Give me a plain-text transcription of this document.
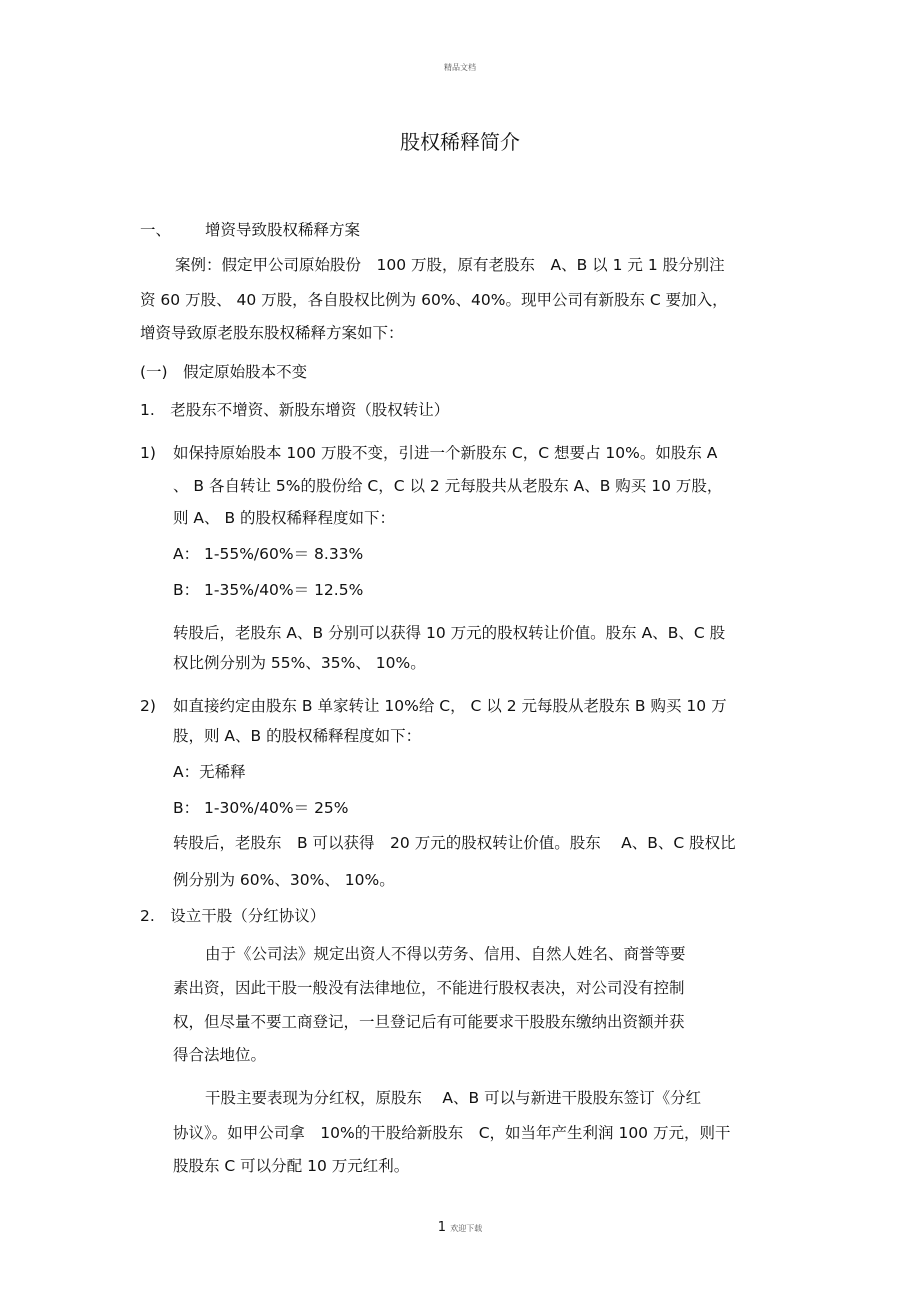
精品文档
股权稀释简介
一、 增资导致股权稀释方案
案例：假定甲公司原始股份　100 万股，原有老股东　A、B 以 1 元 1 股分别注
资 60 万股、 40 万股，各自股权比例为 60%、40%。现甲公司有新股东 C 要加入，
增资导致原老股东股权稀释方案如下：
(一)　假定原始股本不变
1.　老股东不增资、新股东增资（股权转让）
1) 如保持原始股本 100 万股不变，引进一个新股东 C，C 想要占 10%。如股东 A
、 B 各自转让 5%的股份给 C，C 以 2 元每股共从老股东 A、B 购买 10 万股，
则 A、 B 的股权稀释程度如下：
A： 1-55%/60%＝ 8.33%
B： 1-35%/40%＝ 12.5%
转股后，老股东 A、B 分别可以获得 10 万元的股权转让价值。股东 A、B、C 股
权比例分别为 55%、35%、 10%。
2) 如直接约定由股东 B 单家转让 10%给 C， C 以 2 元每股从老股东 B 购买 10 万
股，则 A、B 的股权稀释程度如下：
A：无稀释
B： 1-30%/40%＝ 25%
转股后，老股东　B 可以获得　20 万元的股权转让价值。股东　 A、B、C 股权比
例分别为 60%、30%、 10%。
2.　设立干股（分红协议）
由于《公司法》规定出资人不得以劳务、信用、自然人姓名、商誉等要
素出资，因此干股一般没有法律地位，不能进行股权表决，对公司没有控制
权，但尽量不要工商登记，一旦登记后有可能要求干股股东缴纳出资额并获
得合法地位。
干股主要表现为分红权，原股东　 A、B 可以与新进干股股东签订《分红
协议》。如甲公司拿　10%的干股给新股东　C，如当年产生利润 100 万元，则干
股股东 C 可以分配 10 万元红利。
1 欢迎下载
